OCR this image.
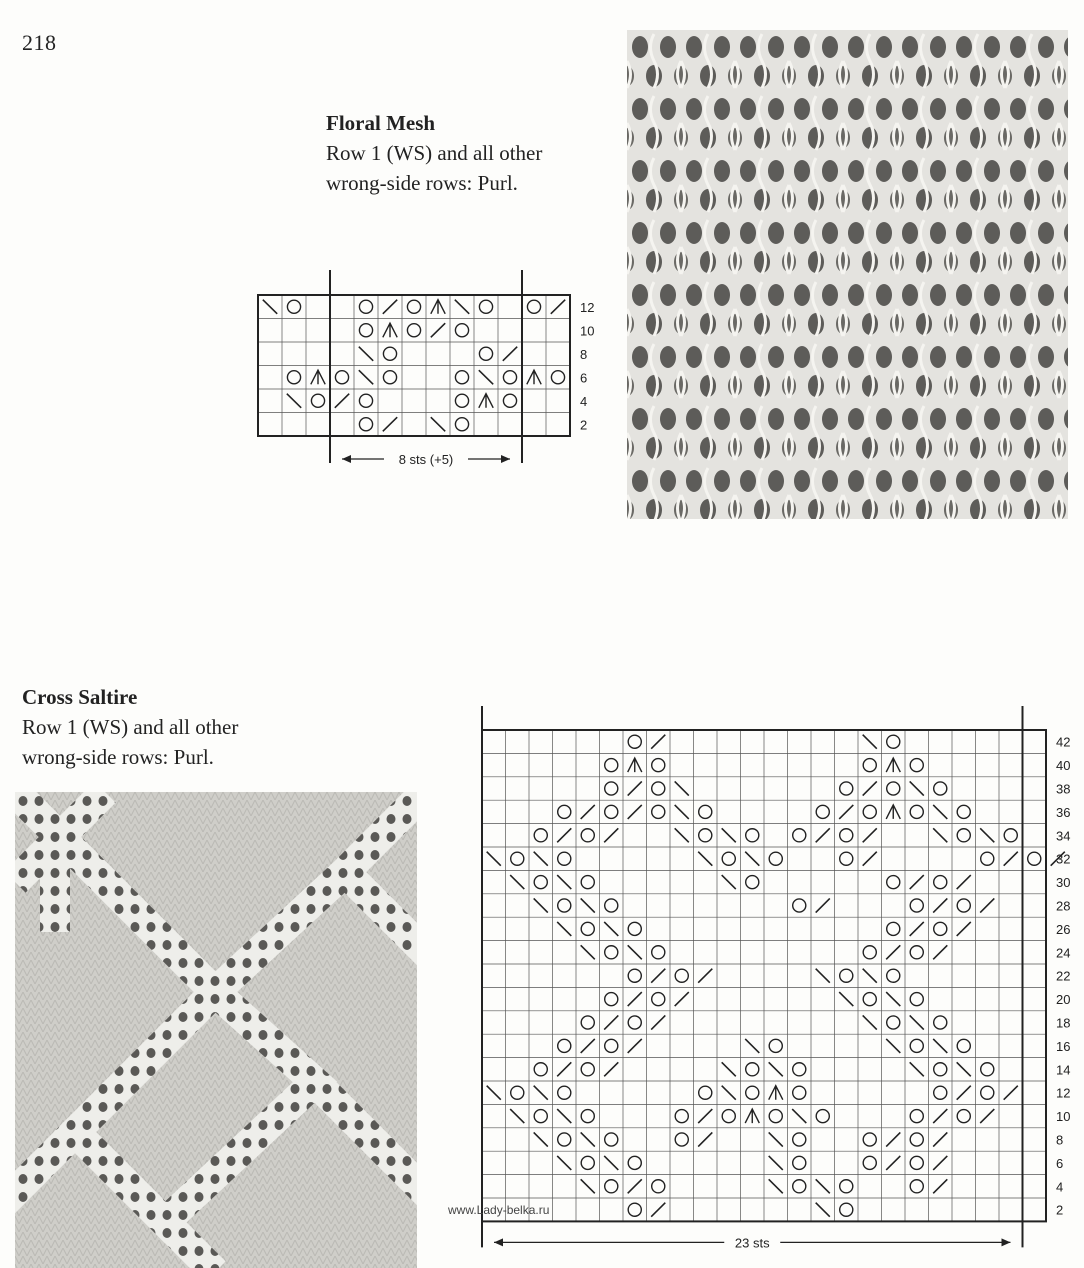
218
Floral Mesh
Row 1 (WS) and all other
wrong-side rows: Purl.
12
10
8
6
4
2
8 sts (+5)
Cross Saltire
Row 1 (WS) and all other
wrong-side rows: Purl.
42
40
38
36
34
32
30
28
26
24
22
20
18
16
14
12
10
8
6
4
2
23 sts
www.Lady-belka.ru
